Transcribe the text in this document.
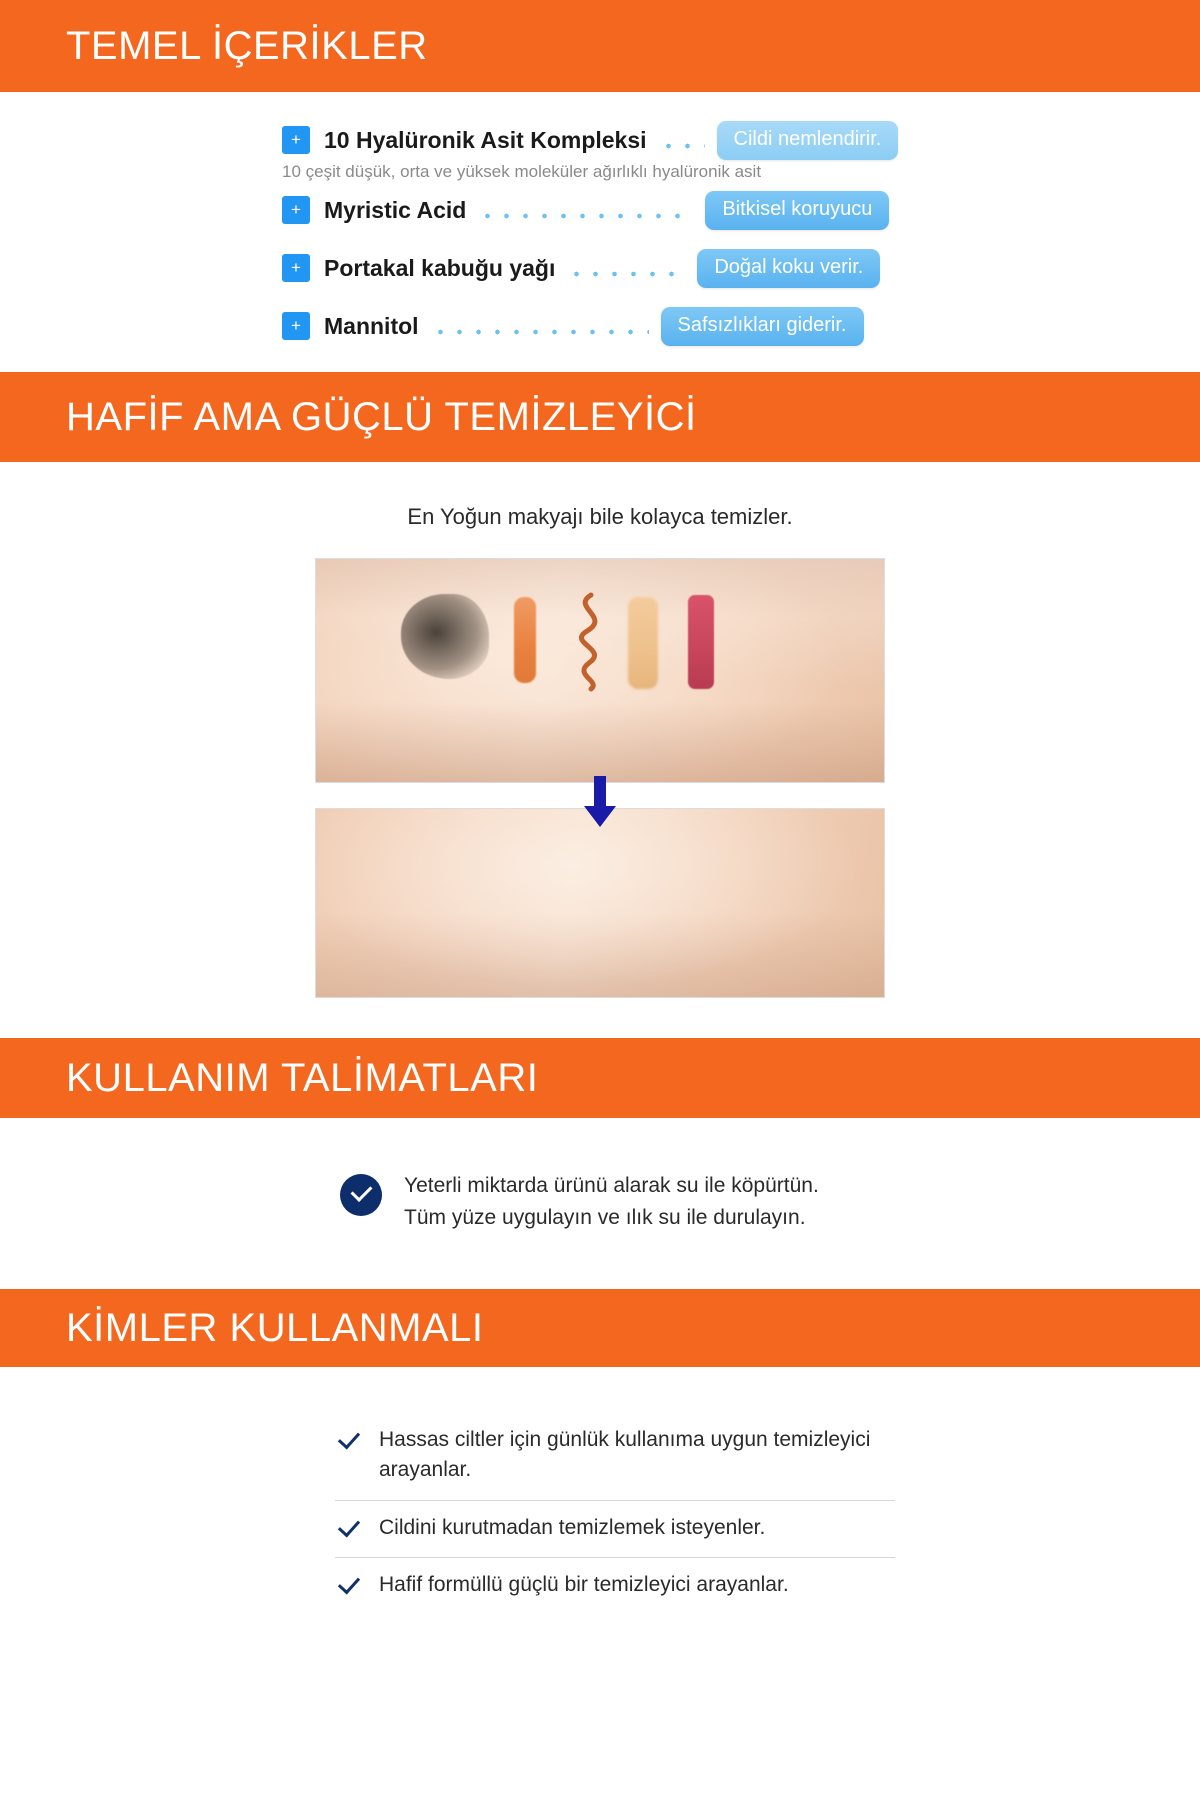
TEMEL İÇERİKLER
+	10 Hyalüronik Asit Kompleksi	Cildi nemlendirir.
10 çeşit düşük, orta ve yüksek moleküler ağırlıklı hyalüronik asit
+	Myristic Acid	Bitkisel koruyucu
+	Portakal kabuğu yağı	Doğal koku verir.
+	Mannitol	Safsızlıkları giderir.
HAFİF AMA GÜÇLÜ TEMİZLEYİCİ
En Yoğun makyajı bile kolayca temizler.
KULLANIM TALİMATLARI
Yeterli miktarda ürünü alarak su ile köpürtün.
Tüm yüze uygulayın ve ılık su ile durulayın.
KİMLER KULLANMALI
Hassas ciltler için günlük kullanıma uygun temizleyici arayanlar.
Cildini kurutmadan temizlemek isteyenler.
Hafif formüllü güçlü bir temizleyici arayanlar.
